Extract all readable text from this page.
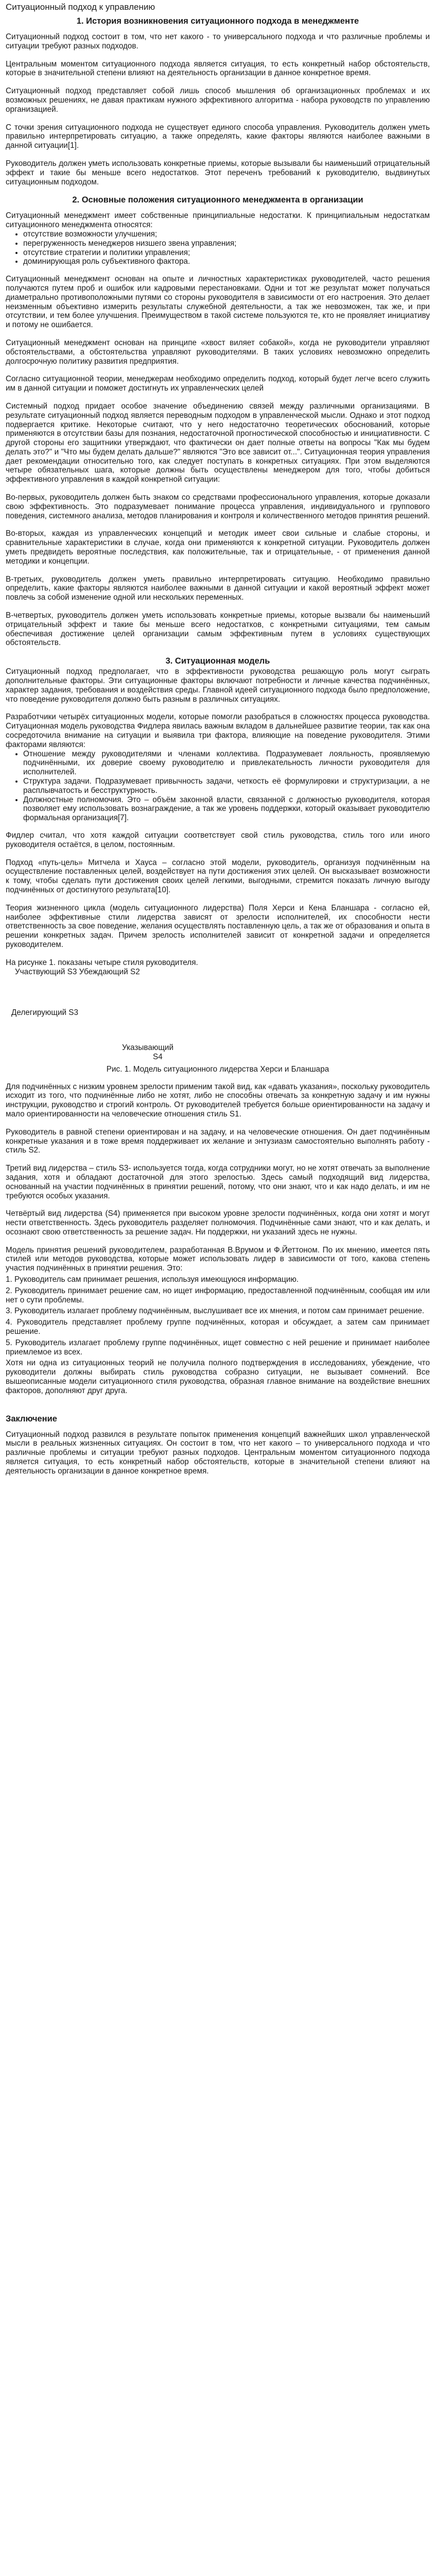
Ситуационный подход к управлению
1. История возникновения ситуационного подхода в менеджменте

Ситуационный подход состоит в том, что нет какого - то универсального подхода и что различные проблемы и ситуации требуют разных подходов.

Центральным моментом ситуационного подхода является ситуация, то есть конкретный набор обстоятельств, которые в значительной степени влияют на деятельность организации в данное конкретное время.

Ситуационный подход представляет собой лишь способ мышления об организационных проблемах и их возможных решениях, не давая практикам нужного эффективного алгоритма - набора руководств по управлению организацией.

С точки зрения ситуационного подхода не существует единого способа управления. Руководитель должен уметь правильно интерпретировать ситуацию, а также определять, какие факторы являются наиболее важными в данной ситуации[1].

Руководитель должен уметь использовать конкретные приемы, которые вызывали бы наименьший отрицательный эффект и такие бы меньше всего недостатков. Этот переченъ требований к руководителю, выдвинутых ситуационным подходом.

2. Основные положения ситуационного менеджмента в организации

Ситуационный менеджмент имеет собственные принципиальные недостатки. К принципиальным недостаткам ситуационного менеджмента относятся:

• отсутствие возможности улучшения;
• перегруженность менеджеров низшего звена управления;
• отсутствие стратегии и политики управления;
• доминирующая роль субъективного фактора.

Ситуационный менеджмент основан на опыте и личностных характеристиках руководителей, часто решения получаются путем проб и ошибок или кадровыми перестановками. Одни и тот же результат может получаться диаметрально противоположными путями со стороны руководителя в зависимости от его настроения. Это делает неизменным объективно измерить результаты служебной деятельности, а так же невозможен, так же, и при отсутствии, и тем более улучшения. Преимуществом в такой системе пользуются те, кто не проявляет инициативу и потому не ошибается.

Ситуационный менеджмент основан на принципе «хвост виляет собакой», когда не руководители управляют обстоятельствами, а обстоятельства управляют руководителями. В таких условиях невозможно определить долгосрочную политику развития предприятия.

Согласно ситуационной теории, менеджерам необходимо определить подход, который будет легче всего служить им в данной ситуации и поможет достигнуть их управленческих целей

Системный подход придает особое значение объединению связей между различными организациями. В результате ситуационный подход является переводным подходом в управленческой мысли. Однако и этот подход подвергается критике. Некоторые считают, что у него недостаточно теоретических обоснований, которые применяются в отсутствии базы для познания, недостаточной прогностической способностью и инициативности. С другой стороны его защитники утверждают, что фактически он дает полные ответы на вопросы "Как мы будем делать это?" и "Что мы будем делать дальше?" являются "Это все зависит от...". Ситуационная теория управления дает рекомендации относительно того, как следует поступать в конкретных ситуациях. При этом выделяются четыре обязательных шага, которые должны быть осуществлены менеджером для того, чтобы добиться эффективного управления в каждой конкретной ситуации:

Во-первых, руководитель должен быть знаком со средствами профессионального управления, которые доказали свою эффективность. Это подразумевает понимание процесса управления, индивидуального и группового поведения, системного анализа, методов планирования и контроля и количественного методов принятия решений.

Во-вторых, каждая из управленческих концепций и методик имеет свои сильные и слабые стороны, и сравнительные характеристики в случае, когда они применяются к конкретной ситуации. Руководитель должен уметь предвидеть вероятные последствия, как положительные, так и отрицательные, - от применения данной методики и концепции.

В-третьих, руководитель должен уметь правильно интерпретировать ситуацию. Необходимо правильно определить, какие факторы являются наиболее важными в данной ситуации и какой вероятный эффект может повлечь за собой изменение одной или нескольких переменных.

В-четвертых, руководитель должен уметь использовать конкретные приемы, которые вызвали бы наименьший отрицательный эффект и такие бы меньше всего недостатков, с конкретными ситуациями, тем самым обеспечивая достижение целей организации самым эффективным путем в условиях существующих обстоятельств.

3. Ситуационная модель

Ситуационный подход предполагает, что в эффективности руководства решающую роль могут сыграть дополнительные факторы. Эти ситуационные факторы включают потребности и личные качества подчинённых, характер задания, требования и воздействия среды. Главной идеей ситуационного подхода было предположение, что поведение руководителя должно быть разным в различных ситуациях.

Разработчики четырёх ситуационных модели, которые помогли разобраться в сложностях процесса руководства. Ситуационная модель руководства Фидлера явилась важным вкладом в дальнейшее развитие теории, так как она сосредоточила внимание на ситуации и выявила три фактора, влияющие на поведение руководителя. Этими факторами являются:

• Отношение между руководителями и членами коллектива. Подразумевает лояльность, проявляемую подчинёнными, их доверие своему руководителю и привлекательность личности руководителя для исполнителей.
• Структура задачи. Подразумевает привычность задачи, четкость её формулировки и структуризации, а не расплывчатость и бесструктурность.
• Должностные полномочия. Это – объём законной власти, связанной с должностью руководителя, которая позволяет ему использовать вознаграждение, а так же уровень поддержки, который оказывает руководителю формальная организация[7].

Фидлер считал, что хотя каждой ситуации соответствует свой стиль руководства, стиль того или иного руководителя остаётся, в целом, постоянным.

Подход «путь-цель» Митчела и Хауса – согласно этой модели, руководитель, организуя подчинённым на осуществление поставленных целей, воздействует на пути достижения этих целей. Он высказывает возможности к тому, чтобы сделать пути достижения своих целей легкими, выгодными, стремится показать личную выгоду подчинённых от достигнутого результата[10].

Теория жизненного цикла (модель ситуационного лидерства) Поля Херси и Кена Бланшара - согласно ей, наиболее эффективные стили лидерства зависят от зрелости исполнителей, их способности нести ответственность за свое поведение, желания осуществлять поставленную цель, а так же от образования и опыта в решении конкретных задач. Причем зрелость исполнителей зависит от конкретной задачи и определяется руководителем.

На рисунке 1. показаны четыре стиля руководителя.

Участвующий S3 Убеждающий S2
Делегирующий S3
Указывающий
S4
Рис. 1. Модель ситуационного лидерства Херси и Бланшара

Для подчинённых с низким уровнем зрелости применим такой вид, как «давать указания», поскольку руководитель исходит из того, что подчинённые либо не хотят, либо не способны отвечать за конкретную задачу и им нужны инструкции, руководство и строгий контроль. От руководителей требуется больше ориентированности на задачу и мало ориентированности на человеческие отношения стиль S1.

Руководитель в равной степени ориентирован и на задачу, и на человеческие отношения. Он дает подчинённым конкретные указания и в тоже время поддерживает их желание и энтузиазм самостоятельно выполнять работу - стиль S2.

Третий вид лидерства – стиль S3- используется тогда, когда сотрудники могут, но не хотят отвечать за выполнение задания, хотя и обладают достаточной для этого зрелостью. Здесь самый подходящий вид лидерства, основанный на участии подчинённых в принятии решений, потому, что они знают, что и как надо делать, и им не требуются особых указания.

Четвёртый вид лидерства (S4) применяется при высоком уровне зрелости подчинённых, когда они хотят и могут нести ответственность. Здесь руководитель разделяет полномочия. Подчинённые сами знают, что и как делать, и осознают свою ответственность за решение задач. Ни поддержки, ни указаний здесь не нужны.

Модель принятия решений руководителем, разработанная В.Врумом и Ф.Йеттоном. По их мнению, имеется пять стилей или методов руководства, которые может использовать лидер в зависимости от того, какова степень участия подчинённых в принятии решения. Это:

1. Руководитель сам принимает решения, используя имеющуюся информацию.

2. Руководитель принимает решение сам, но ищет информацию, предоставленной подчинённым, сообщая им или нет о сути проблемы.

3. Руководитель излагает проблему подчинённым, выслушивает все их мнения, и потом сам принимает решение.

4. Руководитель представляет проблему группе подчинённых, которая и обсуждает, а затем сам принимает решение.

5. Руководитель излагает проблему группе подчинённых, ищет совместно с ней решение и принимает наиболее приемлемое из всех.

Хотя ни одна из ситуационных теорий не получила полного подтверждения в исследованиях, убеждение, что руководители должны выбирать стиль руководства собразно ситуации, не вызывает сомнений. Все вышеописанные модели ситуационного стиля руководства, образная главное внимание на воздействие внешних факторов, дополняют друг друга.

Заключение

Ситуационный подход развился в результате попыток применения концепций важнейших школ управленческой мысли в реальных жизненных ситуациях. Он состоит в том, что нет какого – то универсального подхода и что различные проблемы и ситуации требуют разных подходов. Центральным моментом ситуационного подхода является ситуация, то есть конкретный набор обстоятельств, которые в значительной степени влияют на деятельность организации в данное конкретное время.
